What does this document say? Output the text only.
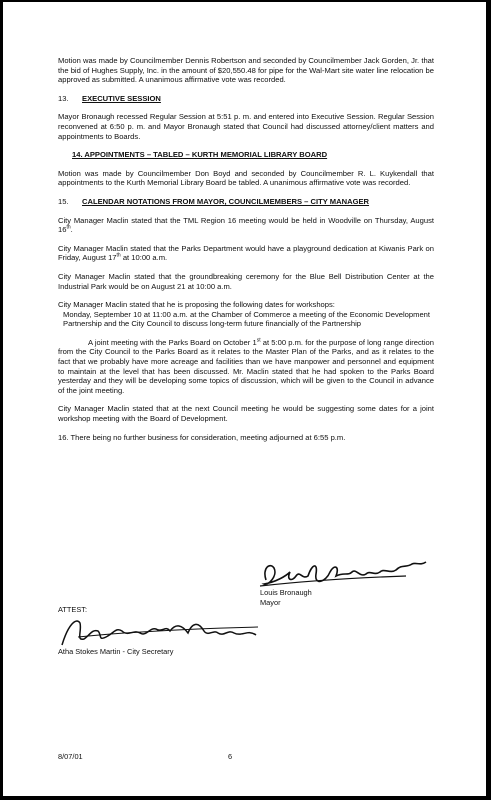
Motion was made by Councilmember Dennis Robertson and seconded by Councilmember Jack Gorden, Jr. that the bid of Hughes Supply, Inc. in the amount of $20,550.48 for pipe for the Wal-Mart site water line relocation be approved as submitted. A unanimous affirmative vote was recorded.

13. EXECUTIVE SESSION

Mayor Bronaugh recessed Regular Session at 5:51 p. m. and entered into Executive Session. Regular Session reconvened at 6:50 p. m. and Mayor Bronaugh stated that Council had discussed attorney/client matters and appointments to Boards.

14. APPOINTMENTS – TABLED – KURTH MEMORIAL LIBRARY BOARD

Motion was made by Councilmember Don Boyd and seconded by Councilmember R. L. Kuykendall that appointments to the Kurth Memorial Library Board be tabled. A unanimous affirmative vote was recorded.

15.	CALENDAR NOTATIONS FROM MAYOR, COUNCILMEMBERS – CITY MANAGER

City Manager Maclin stated that the TML Region 16 meeting would be held in Woodville on Thursday, August 16th.

City Manager Maclin stated that the Parks Department would have a playground dedication at Kiwanis Park on Friday, August 17th at 10:00 a.m.

City Manager Maclin stated that the groundbreaking ceremony for the Blue Bell Distribution Center at the Industrial Park would be on August 21 at 10:00 a.m.

City Manager Maclin stated that he is proposing the following dates for workshops:

Monday, September 10 at 11:00 a.m. at the Chamber of Commerce a meeting of the Economic Development Partnership and the City Council to discuss long-term future financially of the Partnership

A joint meeting with the Parks Board on October 1st at 5:00 p.m. for the purpose of long range direction from the City Council to the Parks Board as it relates to the Master Plan of the Parks, and as it relates to the fact that we probably have more acreage and facilities than we have manpower and personnel and equipment to maintain at the level that has been discussed. Mr. Maclin stated that he had spoken to the Parks Board yesterday and they will be developing some topics of discussion, which will be given to the Council in advance of the joint meeting.

City Manager Maclin stated that at the next Council meeting he would be suggesting some dates for a joint workshop meeting with the Board of Development.

16. There being no further business for consideration, meeting adjourned at 6:55 p.m.

Louis Bronaugh
Mayor
ATTEST:
Atha Stokes Martin - City Secretary
8/07/01	6
